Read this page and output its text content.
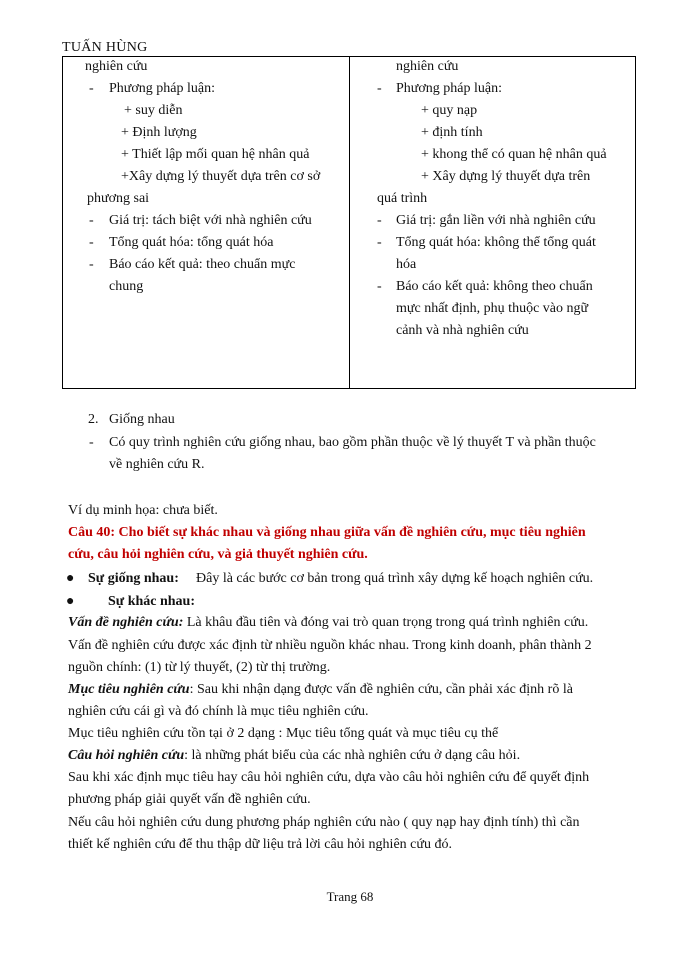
TUẤN HÙNG
nghiên cứu
- Phương pháp luận:
+ suy diễn
+ Định lượng
+ Thiết lập mối quan hệ nhân quả
+Xây dựng lý thuyết dựa trên cơ sở
phương sai
- Giá trị: tách biệt với nhà nghiên cứu
- Tổng quát hóa: tổng quát hóa
- Báo cáo kết quả: theo chuẩn mực
chung
nghiên cứu
- Phương pháp luận:
+ quy nạp
+ định tính
+ khong thể có quan hệ nhân quả
+ Xây dựng lý thuyết dựa trên
quá trình
- Giá trị: gắn liền với nhà nghiên cứu
- Tổng quát hóa: không thể tổng quát
hóa
- Báo cáo kết quả: không theo chuẩn
mực nhất định, phụ thuộc vào ngữ
cảnh và nhà nghiên cứu
2. Giống nhau
- Có quy trình nghiên cứu giống nhau, bao gồm phần thuộc về lý thuyết T và phần thuộc
về nghiên cứu R.
Ví dụ minh họa: chưa biết.
Câu 40: Cho biết sự khác nhau và giống nhau giữa vấn đề nghiên cứu, mục tiêu nghiên
cứu, câu hỏi nghiên cứu, và giả thuyết nghiên cứu.
● Sự giống nhau: Đây là các bước cơ bản trong quá trình xây dựng kế hoạch nghiên cứu.
● Sự khác nhau:
Vấn đề nghiên cứu: Là khâu đầu tiên và đóng vai trò quan trọng trong quá trình nghiên cứu.
Vấn đề nghiên cứu được xác định từ nhiều nguồn khác nhau. Trong kinh doanh, phân thành 2
nguồn chính: (1) từ lý thuyết, (2) từ thị trường.
Mục tiêu nghiên cứu: Sau khi nhận dạng được vấn đề nghiên cứu, cần phải xác định rõ là
nghiên cứu cái gì và đó chính là mục tiêu nghiên cứu.
Mục tiêu nghiên cứu tồn tại ở 2 dạng : Mục tiêu tổng quát và mục tiêu cụ thể
Câu hỏi nghiên cứu: là những phát biểu của các nhà nghiên cứu ở dạng câu hỏi.
Sau khi xác định mục tiêu hay câu hỏi nghiên cứu, dựa vào câu hỏi nghiên cứu để quyết định
phương pháp giải quyết vấn đề nghiên cứu.
Nếu câu hỏi nghiên cứu dung phương pháp nghiên cứu nào ( quy nạp hay định tính) thì cần
thiết kế nghiên cứu để thu thập dữ liệu trả lời câu hỏi nghiên cứu đó.
Trang 68
